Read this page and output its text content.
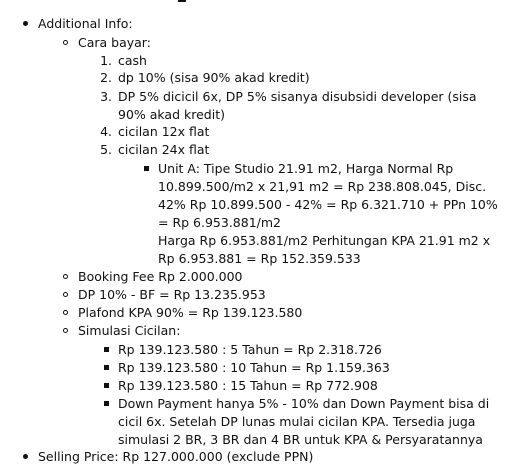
Additional Info:
Cara bayar:
1. cash
2. dp 10% (sisa 90% akad kredit)
3. DP 5% dicicil 6x, DP 5% sisanya disubsidi developer (sisa
90% akad kredit)
4. cicilan 12x flat
5. cicilan 24x flat
Unit A: Tipe Studio 21.91 m2, Harga Normal Rp
10.899.500/m2 x 21,91 m2 = Rp 238.808.045, Disc.
42% Rp 10.899.500 - 42% = Rp 6.321.710 + PPn 10%
= Rp 6.953.881/m2
Harga Rp 6.953.881/m2 Perhitungan KPA 21.91 m2 x
Rp 6.953.881 = Rp 152.359.533
Booking Fee Rp 2.000.000
DP 10% - BF = Rp 13.235.953
Plafond KPA 90% = Rp 139.123.580
Simulasi Cicilan:
Rp 139.123.580 : 5 Tahun = Rp 2.318.726
Rp 139.123.580 : 10 Tahun = Rp 1.159.363
Rp 139.123.580 : 15 Tahun = Rp 772.908
Down Payment hanya 5% - 10% dan Down Payment bisa di
cicil 6x. Setelah DP lunas mulai cicilan KPA. Tersedia juga
simulasi 2 BR, 3 BR dan 4 BR untuk KPA & Persyaratannya
Selling Price: Rp 127.000.000 (exclude PPN)
